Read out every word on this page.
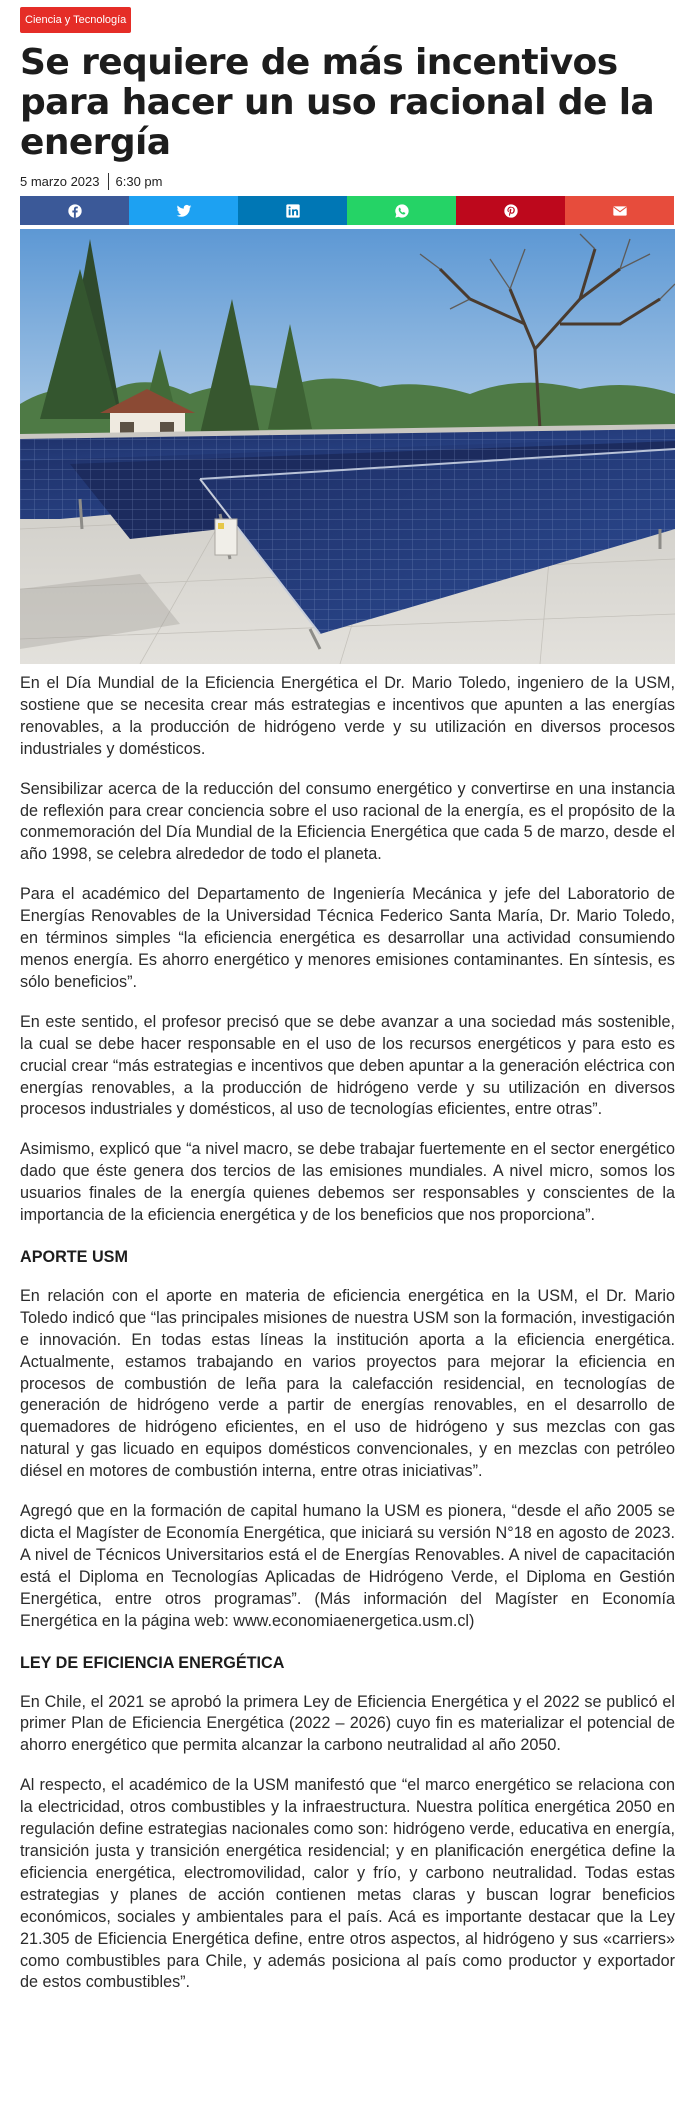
Ciencia y Tecnología
Se requiere de más incentivos para hacer un uso racional de la energía
5 marzo 2023 6:30 pm

En el Día Mundial de la Eficiencia Energética el Dr. Mario Toledo, ingeniero de la USM, sostiene que se necesita crear más estrategias e incentivos que apunten a las energías renovables, a la producción de hidrógeno verde y su utilización en diversos procesos industriales y domésticos.

Sensibilizar acerca de la reducción del consumo energético y convertirse en una instancia de reflexión para crear conciencia sobre el uso racional de la energía, es el propósito de la conmemoración del Día Mundial de la Eficiencia Energética que cada 5 de marzo, desde el año 1998, se celebra alrededor de todo el planeta.

Para el académico del Departamento de Ingeniería Mecánica y jefe del Laboratorio de Energías Renovables de la Universidad Técnica Federico Santa María, Dr. Mario Toledo, en términos simples “la eficiencia energética es desarrollar una actividad consumiendo menos energía. Es ahorro energético y menores emisiones contaminantes. En síntesis, es sólo beneficios”.

En este sentido, el profesor precisó que se debe avanzar a una sociedad más sostenible, la cual se debe hacer responsable en el uso de los recursos energéticos y para esto es crucial crear “más estrategias e incentivos que deben apuntar a la generación eléctrica con energías renovables, a la producción de hidrógeno verde y su utilización en diversos procesos industriales y domésticos, al uso de tecnologías eficientes, entre otras”.

Asimismo, explicó que “a nivel macro, se debe trabajar fuertemente en el sector energético dado que éste genera dos tercios de las emisiones mundiales. A nivel micro, somos los usuarios finales de la energía quienes debemos ser responsables y conscientes de la importancia de la eficiencia energética y de los beneficios que nos proporciona”.

APORTE USM

En relación con el aporte en materia de eficiencia energética en la USM, el Dr. Mario Toledo indicó que “las principales misiones de nuestra USM son la formación, investigación e innovación. En todas estas líneas la institución aporta a la eficiencia energética. Actualmente, estamos trabajando en varios proyectos para mejorar la eficiencia en procesos de combustión de leña para la calefacción residencial, en tecnologías de generación de hidrógeno verde a partir de energías renovables, en el desarrollo de quemadores de hidrógeno eficientes, en el uso de hidrógeno y sus mezclas con gas natural y gas licuado en equipos domésticos convencionales, y en mezclas con petróleo diésel en motores de combustión interna, entre otras iniciativas”.

Agregó que en la formación de capital humano la USM es pionera, “desde el año 2005 se dicta el Magíster de Economía Energética, que iniciará su versión N°18 en agosto de 2023. A nivel de Técnicos Universitarios está el de Energías Renovables. A nivel de capacitación está el Diploma en Tecnologías Aplicadas de Hidrógeno Verde, el Diploma en Gestión Energética, entre otros programas”. (Más información del Magíster en Economía Energética en la página web: www.economiaenergetica.usm.cl)

LEY DE EFICIENCIA ENERGÉTICA

En Chile, el 2021 se aprobó la primera Ley de Eficiencia Energética y el 2022 se publicó el primer Plan de Eficiencia Energética (2022 – 2026) cuyo fin es materializar el potencial de ahorro energético que permita alcanzar la carbono neutralidad al año 2050.

Al respecto, el académico de la USM manifestó que “el marco energético se relaciona con la electricidad, otros combustibles y la infraestructura. Nuestra política energética 2050 en regulación define estrategias nacionales como son: hidrógeno verde, educativa en energía, transición justa y transición energética residencial; y en planificación energética define la eficiencia energética, electromovilidad, calor y frío, y carbono neutralidad. Todas estas estrategias y planes de acción contienen metas claras y buscan lograr beneficios económicos, sociales y ambientales para el país. Acá es importante destacar que la Ley 21.305 de Eficiencia Energética define, entre otros aspectos, al hidrógeno y sus «carriers» como combustibles para Chile, y además posiciona al país como productor y exportador de estos combustibles”.
